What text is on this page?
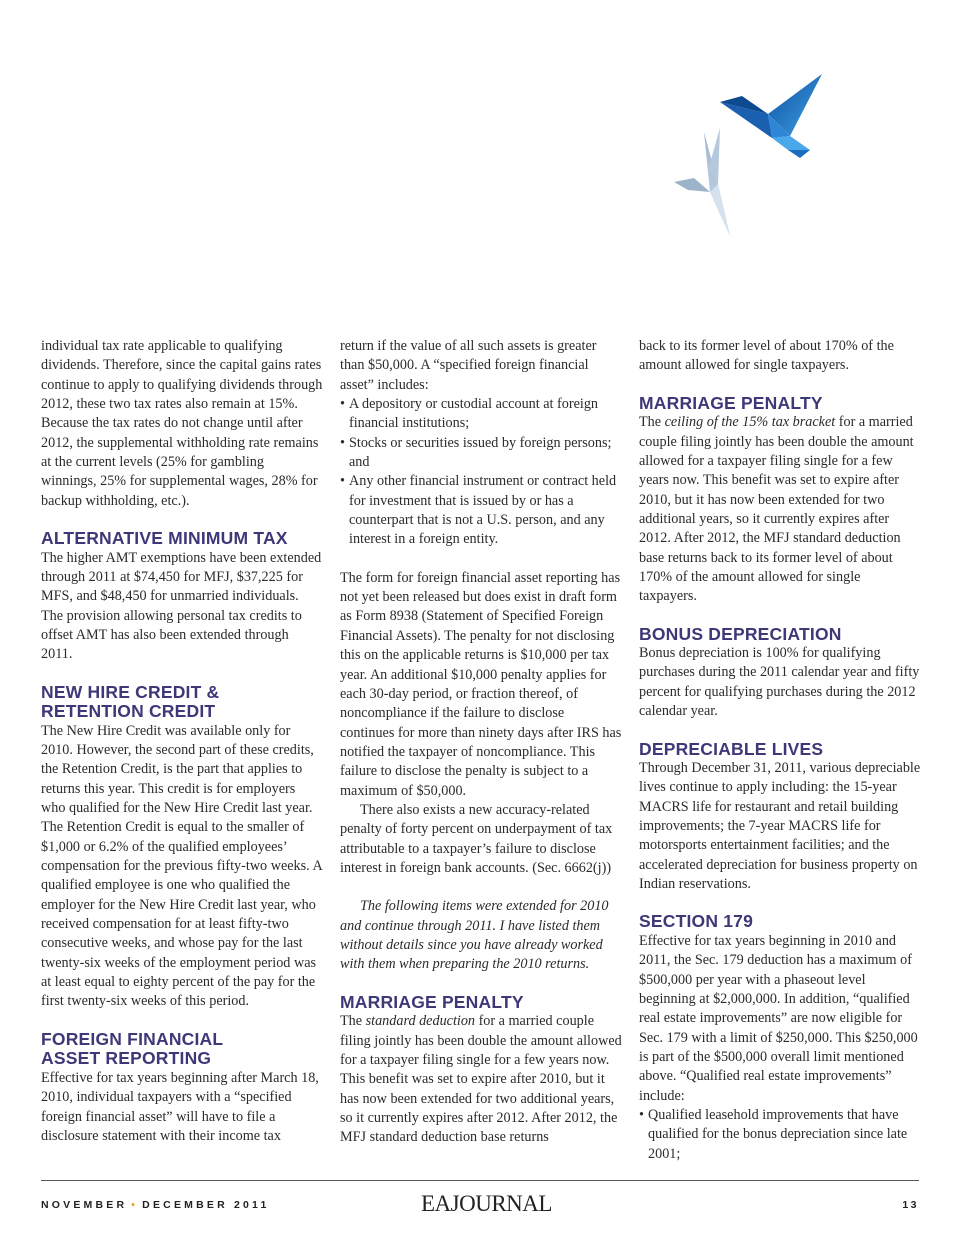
individual tax rate applicable to qualifying dividends. Therefore, since the capital gains rates continue to apply to qualifying dividends through 2012, these two tax rates also remain at 15%. Because the tax rates do not change until after 2012, the supplemental withholding rate remains at the current levels (25% for gambling winnings, 25% for supplemental wages, 28% for backup withholding, etc.).

ALTERNATIVE MINIMUM TAX

The higher AMT exemptions have been extended through 2011 at $74,450 for MFJ, $37,225 for MFS, and $48,450 for unmarried individuals. The provision allowing personal tax credits to offset AMT has also been extended through 2011.

NEW HIRE CREDIT &
RETENTION CREDIT

The New Hire Credit was available only for 2010. However, the second part of these credits, the Retention Credit, is the part that applies to returns this year. This credit is for employers who qualified for the New Hire Credit last year. The Retention Credit is equal to the smaller of $1,000 or 6.2% of the qualified employees’ compensation for the previous fifty-two weeks. A qualified employee is one who qualified the employer for the New Hire Credit last year, who received compensation for at least fifty-two consecutive weeks, and whose pay for the last twenty-six weeks of the employment period was at least equal to eighty percent of the pay for the first twenty-six weeks of this period.

FOREIGN FINANCIAL
ASSET REPORTING

Effective for tax years beginning after March 18, 2010, individual taxpayers with a “specified foreign financial asset” will have to file a disclosure statement with their income tax

return if the value of all such assets is greater than $50,000. A “specified foreign financial asset” includes:

• A depository or custodial account at foreign financial institutions;
• Stocks or securities issued by foreign persons; and
• Any other financial instrument or contract held for investment that is issued by or has a counterpart that is not a U.S. person, and any interest in a foreign entity.

The form for foreign financial asset reporting has not yet been released but does exist in draft form as Form 8938 (Statement of Specified Foreign Financial Assets). The penalty for not disclosing this on the applicable returns is $10,000 per tax year. An additional $10,000 penalty applies for each 30-day period, or fraction thereof, of noncompliance if the failure to disclose continues for more than ninety days after IRS has notified the taxpayer of noncompliance. This failure to disclose the penalty is subject to a maximum of $50,000.

There also exists a new accuracy-related penalty of forty percent on underpayment of tax attributable to a taxpayer’s failure to disclose interest in foreign bank accounts. (Sec. 6662(j))

The following items were extended for 2010 and continue through 2011. I have listed them without details since you have already worked with them when preparing the 2010 returns.

MARRIAGE PENALTY

The standard deduction for a married couple filing jointly has been double the amount allowed for a taxpayer filing single for a few years now. This benefit was set to expire after 2010, but it has now been extended for two additional years, so it currently expires after 2012. After 2012, the MFJ standard deduction base returns

back to its former level of about 170% of the amount allowed for single taxpayers.

MARRIAGE PENALTY

The ceiling of the 15% tax bracket for a married couple filing jointly has been double the amount allowed for a taxpayer filing single for a few years now. This benefit was set to expire after 2010, but it has now been extended for two additional years, so it currently expires after 2012. After 2012, the MFJ standard deduction base returns back to its former level of about 170% of the amount allowed for single taxpayers.

BONUS DEPRECIATION

Bonus depreciation is 100% for qualifying purchases during the 2011 calendar year and fifty percent for qualifying purchases during the 2012 calendar year.

DEPRECIABLE LIVES

Through December 31, 2011, various depreciable lives continue to apply including: the 15-year MACRS life for restaurant and retail building improvements; the 7-year MACRS life for motorsports entertainment facilities; and the accelerated depreciation for business property on Indian reservations.

SECTION 179

Effective for tax years beginning in 2010 and 2011, the Sec. 179 deduction has a maximum of $500,000 per year with a phaseout level beginning at $2,000,000. In addition, “qualified real estate improvements” are now eligible for Sec. 179 with a limit of $250,000. This $250,000 is part of the $500,000 overall limit mentioned above. “Qualified real estate improvements” include:

• Qualified leasehold improvements that have qualified for the bonus depreciation since late 2001;
NOVEMBER • DECEMBER 2011	EAJOURNAL	13
